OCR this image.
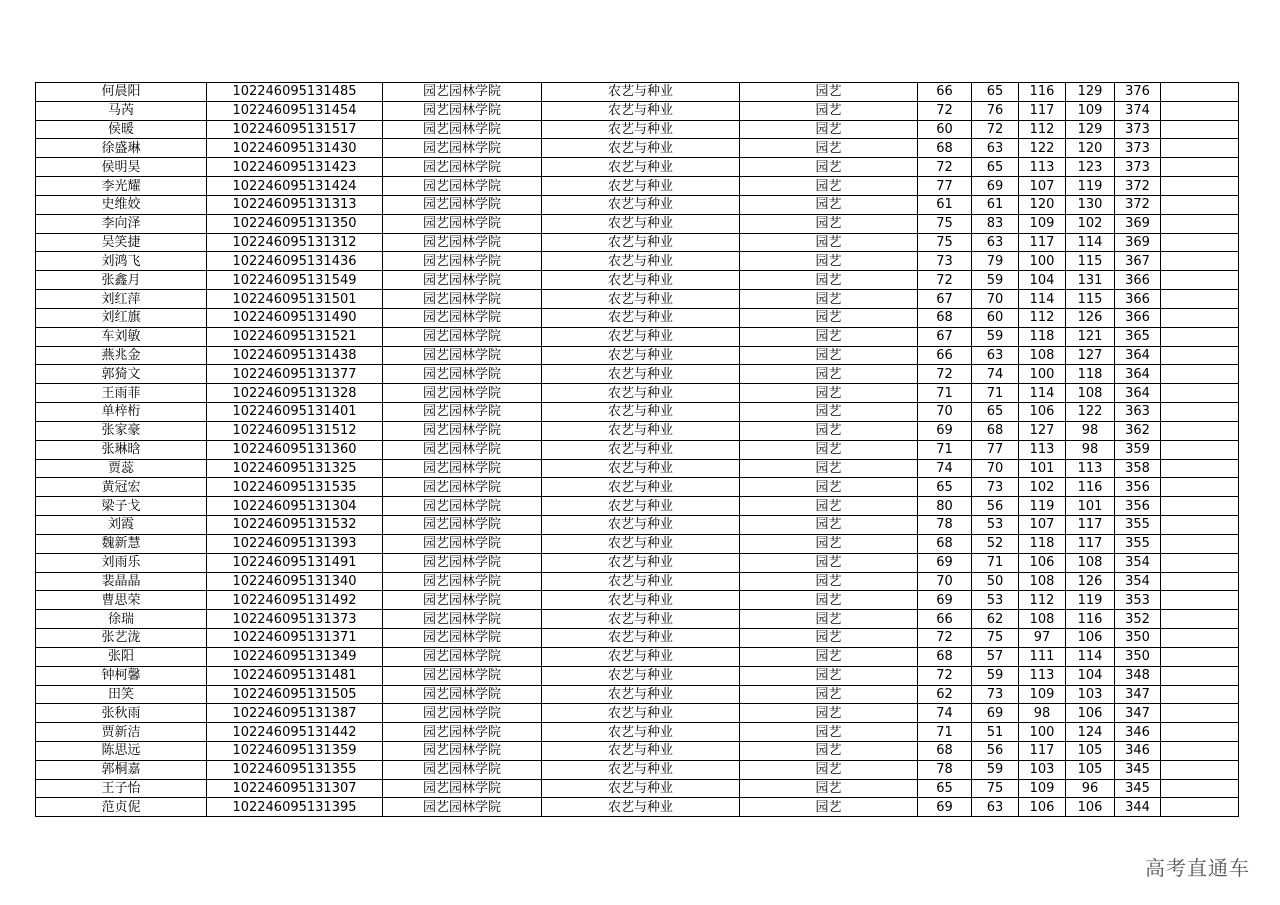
何晨阳	102246095131485	园艺园林学院	农艺与种业	园艺	66	65	116	129	376	
马芮	102246095131454	园艺园林学院	农艺与种业	园艺	72	76	117	109	374	
侯暖	102246095131517	园艺园林学院	农艺与种业	园艺	60	72	112	129	373	
徐盛琳	102246095131430	园艺园林学院	农艺与种业	园艺	68	63	122	120	373	
侯明昊	102246095131423	园艺园林学院	农艺与种业	园艺	72	65	113	123	373	
李光耀	102246095131424	园艺园林学院	农艺与种业	园艺	77	69	107	119	372	
史维姣	102246095131313	园艺园林学院	农艺与种业	园艺	61	61	120	130	372	
李向泽	102246095131350	园艺园林学院	农艺与种业	园艺	75	83	109	102	369	
吴笑捷	102246095131312	园艺园林学院	农艺与种业	园艺	75	63	117	114	369	
刘鸿飞	102246095131436	园艺园林学院	农艺与种业	园艺	73	79	100	115	367	
张鑫月	102246095131549	园艺园林学院	农艺与种业	园艺	72	59	104	131	366	
刘红萍	102246095131501	园艺园林学院	农艺与种业	园艺	67	70	114	115	366	
刘红旗	102246095131490	园艺园林学院	农艺与种业	园艺	68	60	112	126	366	
车刘敏	102246095131521	园艺园林学院	农艺与种业	园艺	67	59	118	121	365	
燕兆金	102246095131438	园艺园林学院	农艺与种业	园艺	66	63	108	127	364	
郭猗文	102246095131377	园艺园林学院	农艺与种业	园艺	72	74	100	118	364	
王雨菲	102246095131328	园艺园林学院	农艺与种业	园艺	71	71	114	108	364	
单梓桁	102246095131401	园艺园林学院	农艺与种业	园艺	70	65	106	122	363	
张家豪	102246095131512	园艺园林学院	农艺与种业	园艺	69	68	127	98	362	
张琳晗	102246095131360	园艺园林学院	农艺与种业	园艺	71	77	113	98	359	
贾蕊	102246095131325	园艺园林学院	农艺与种业	园艺	74	70	101	113	358	
黄冠宏	102246095131535	园艺园林学院	农艺与种业	园艺	65	73	102	116	356	
梁子戈	102246095131304	园艺园林学院	农艺与种业	园艺	80	56	119	101	356	
刘霞	102246095131532	园艺园林学院	农艺与种业	园艺	78	53	107	117	355	
魏新慧	102246095131393	园艺园林学院	农艺与种业	园艺	68	52	118	117	355	
刘雨乐	102246095131491	园艺园林学院	农艺与种业	园艺	69	71	106	108	354	
裴晶晶	102246095131340	园艺园林学院	农艺与种业	园艺	70	50	108	126	354	
曹思荣	102246095131492	园艺园林学院	农艺与种业	园艺	69	53	112	119	353	
徐瑞	102246095131373	园艺园林学院	农艺与种业	园艺	66	62	108	116	352	
张艺泷	102246095131371	园艺园林学院	农艺与种业	园艺	72	75	97	106	350	
张阳	102246095131349	园艺园林学院	农艺与种业	园艺	68	57	111	114	350	
钟柯馨	102246095131481	园艺园林学院	农艺与种业	园艺	72	59	113	104	348	
田笑	102246095131505	园艺园林学院	农艺与种业	园艺	62	73	109	103	347	
张秋雨	102246095131387	园艺园林学院	农艺与种业	园艺	74	69	98	106	347	
贾新洁	102246095131442	园艺园林学院	农艺与种业	园艺	71	51	100	124	346	
陈思远	102246095131359	园艺园林学院	农艺与种业	园艺	68	56	117	105	346	
郭桐嘉	102246095131355	园艺园林学院	农艺与种业	园艺	78	59	103	105	345	
王子怡	102246095131307	园艺园林学院	农艺与种业	园艺	65	75	109	96	345	
范贞伲	102246095131395	园艺园林学院	农艺与种业	园艺	69	63	106	106	344	
高考直通车
